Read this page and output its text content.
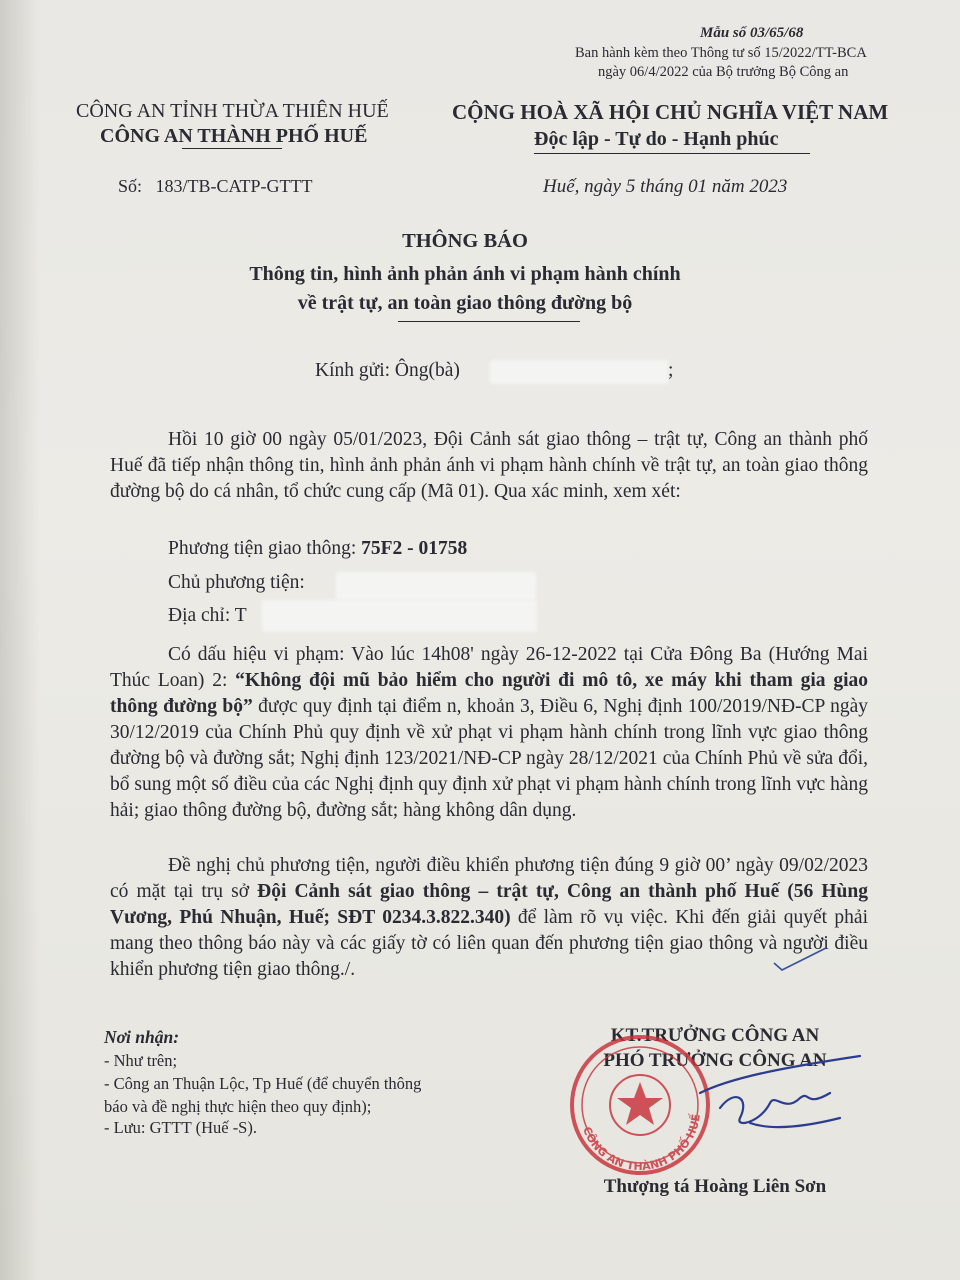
Mẫu số 03/65/68
Ban hành kèm theo Thông tư số 15/2022/TT-BCA
ngày 06/4/2022 của Bộ trưởng Bộ Công an
CÔNG AN TỈNH THỪA THIÊN HUẾ
CÔNG AN THÀNH PHỐ HUẾ
Số:   183/TB-CATP-GTTT
CỘNG HOÀ XÃ HỘI CHỦ NGHĨA VIỆT NAM
Độc lập - Tự do - Hạnh phúc
Huế, ngày 5 tháng 01 năm 2023
THÔNG BÁO
Thông tin, hình ảnh phản ánh vi phạm hành chính
về trật tự, an toàn giao thông đường bộ
Kính gửi: Ông(bà)	;
Hồi 10 giờ 00 ngày 05/01/2023, Đội Cảnh sát giao thông – trật tự, Công an thành phố Huế đã tiếp nhận thông tin, hình ảnh phản ánh vi phạm hành chính về trật tự, an toàn giao thông đường bộ do cá nhân, tổ chức cung cấp (Mã 01). Qua xác minh, xem xét:
Phương tiện giao thông: 75F2 - 01758
Chủ phương tiện:
Địa chỉ: T
Có dấu hiệu vi phạm: Vào lúc 14h08' ngày 26-12-2022 tại Cửa Đông Ba (Hướng Mai Thúc Loan) 2: “Không đội mũ bảo hiểm cho người đi mô tô, xe máy khi tham gia giao thông đường bộ” được quy định tại điểm n, khoản 3, Điều 6, Nghị định 100/2019/NĐ-CP ngày 30/12/2019 của Chính Phủ quy định về xử phạt vi phạm hành chính trong lĩnh vực giao thông đường bộ và đường sắt; Nghị định 123/2021/NĐ-CP ngày 28/12/2021 của Chính Phủ về sửa đổi, bổ sung một số điều của các Nghị định quy định xử phạt vi phạm hành chính trong lĩnh vực hàng hải; giao thông đường bộ, đường sắt; hàng không dân dụng.
Đề nghị chủ phương tiện, người điều khiển phương tiện đúng 9 giờ 00’ ngày 09/02/2023 có mặt tại trụ sở Đội Cảnh sát giao thông – trật tự, Công an thành phố Huế (56 Hùng Vương, Phú Nhuận, Huế; SĐT 0234.3.822.340) để làm rõ vụ việc. Khi đến giải quyết phải mang theo thông báo này và các giấy tờ có liên quan đến phương tiện giao thông và người điều khiển phương tiện giao thông./.
Nơi nhận:
- Như trên;
- Công an Thuận Lộc, Tp Huế (để chuyển thông
báo và đề nghị thực hiện theo quy định);
- Lưu: GTTT (Huế -S).
KT.TRƯỞNG CÔNG AN
PHÓ TRƯỞNG CÔNG AN
CÔNG AN THÀNH PHỐ HUẾ
Thượng tá Hoàng Liên Sơn
